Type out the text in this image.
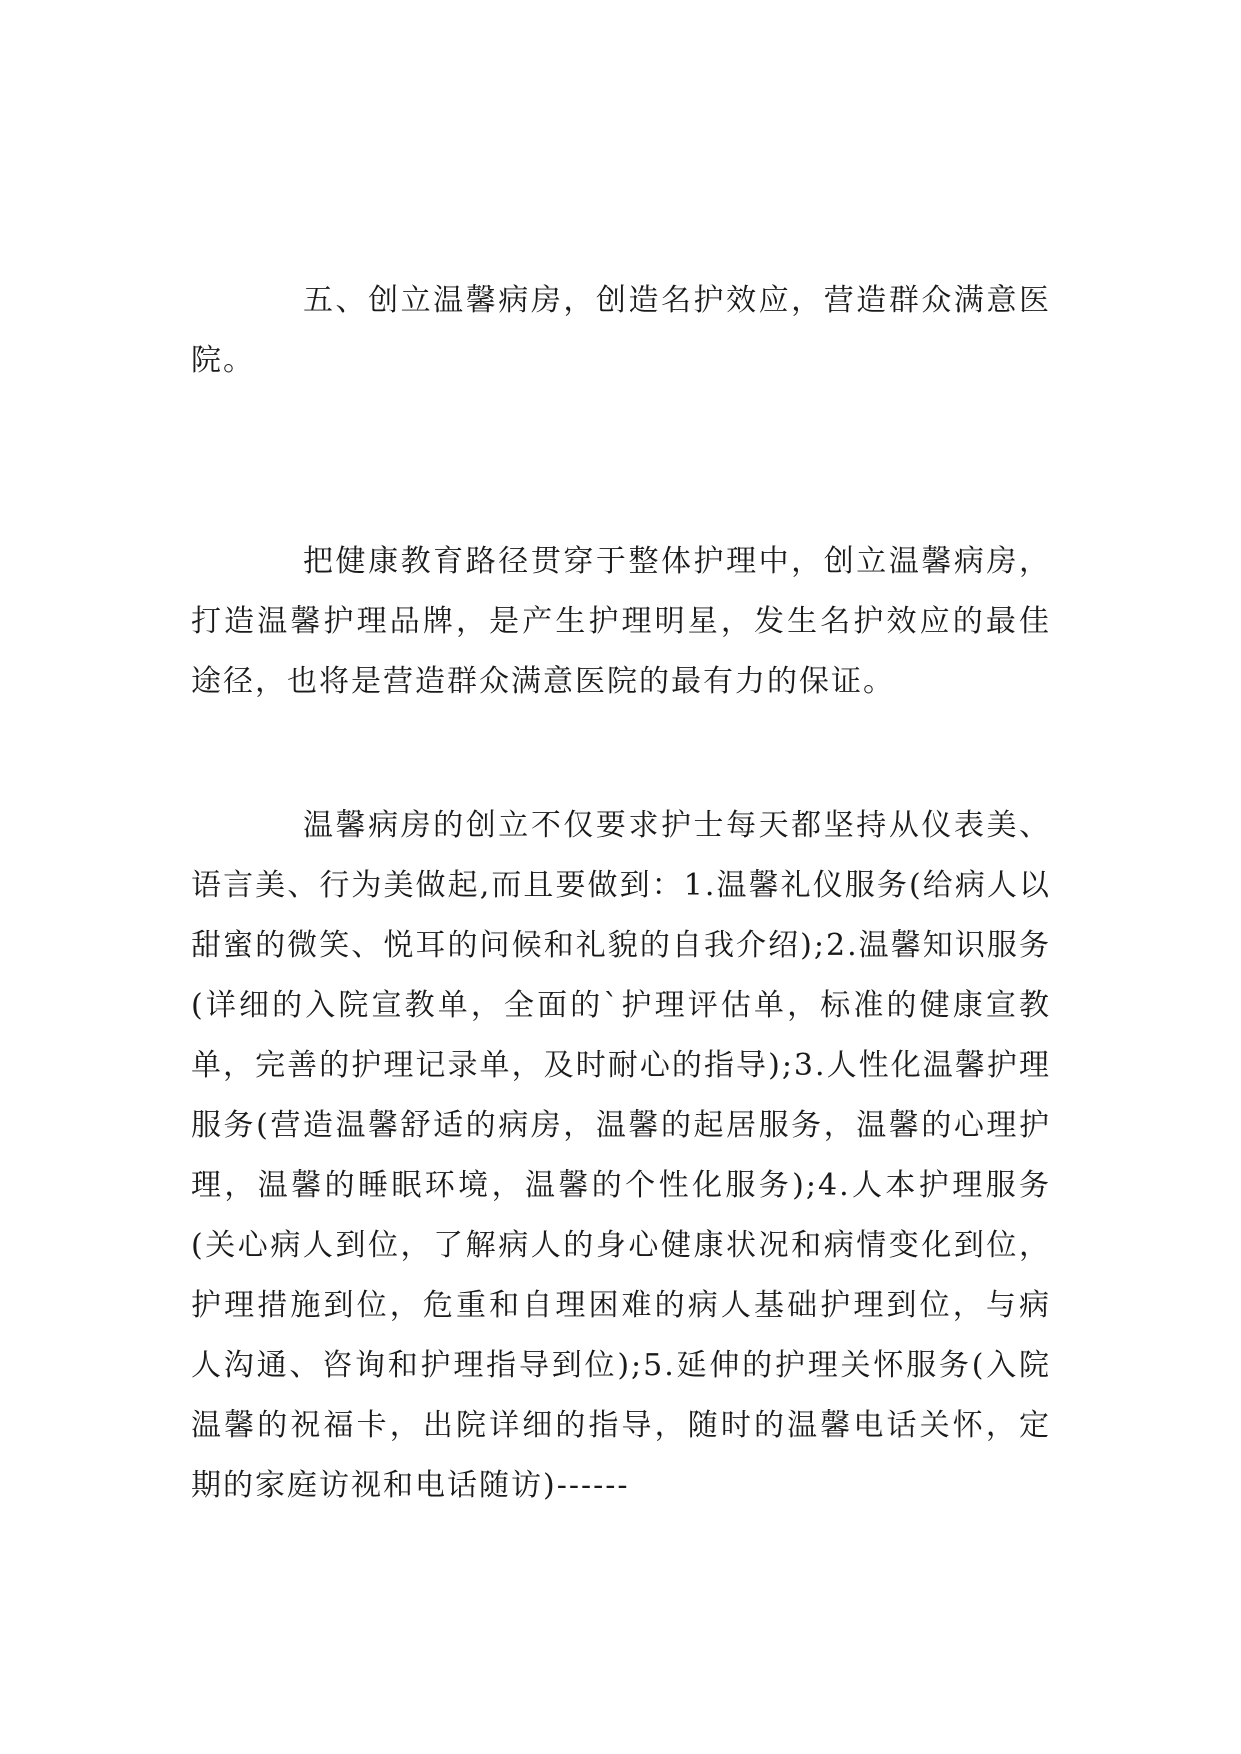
五、创立温馨病房，创造名护效应，营造群众满意医院。

把健康教育路径贯穿于整体护理中，创立温馨病房，打造温馨护理品牌，是产生护理明星，发生名护效应的最佳途径，也将是营造群众满意医院的最有力的保证。

温馨病房的创立不仅要求护士每天都坚持从仪表美、语言美、行为美做起,而且要做到：1.温馨礼仪服务(给病人以甜蜜的微笑、悦耳的问候和礼貌的自我介绍);2.温馨知识服务(详细的入院宣教单，全面的`护理评估单，标准的健康宣教单，完善的护理记录单，及时耐心的指导);3.人性化温馨护理服务(营造温馨舒适的病房，温馨的起居服务，温馨的心理护理，温馨的睡眠环境，温馨的个性化服务);4.人本护理服务(关心病人到位，了解病人的身心健康状况和病情变化到位，护理措施到位，危重和自理困难的病人基础护理到位，与病人沟通、咨询和护理指导到位);5.延伸的护理关怀服务(入院温馨的祝福卡，出院详细的指导，随时的温馨电话关怀，定期的家庭访视和电话随访)------
